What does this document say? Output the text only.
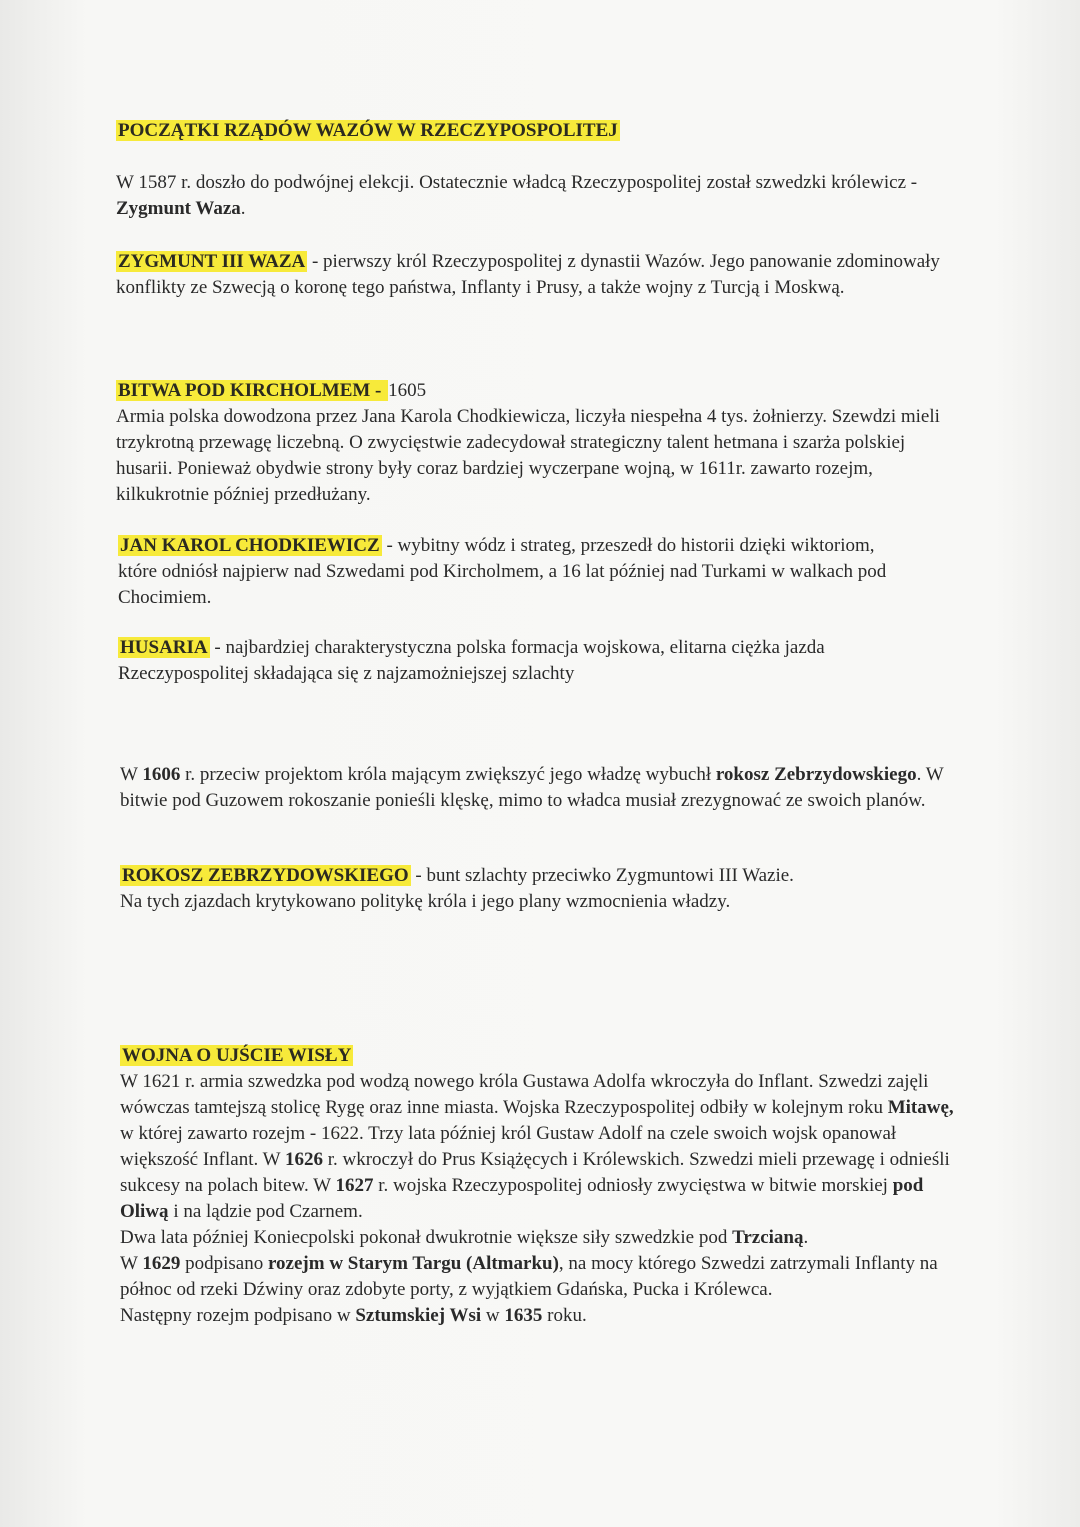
POCZĄTKI RZĄDÓW WAZÓW W RZECZYPOSPOLITEJ

W 1587 r. doszło do podwójnej elekcji. Ostatecznie władcą Rzeczypospolitej został szwedzki królewicz - Zygmunt Waza.

ZYGMUNT III WAZA - pierwszy król Rzeczypospolitej z dynastii Wazów. Jego panowanie zdominowały konflikty ze Szwecją o koronę tego państwa, Inflanty i Prusy, a także wojny z Turcją i Moskwą.

BITWA POD KIRCHOLMEM - 1605

Armia polska dowodzona przez Jana Karola Chodkiewicza, liczyła niespełna 4 tys. żołnierzy. Szewdzi mieli trzykrotną przewagę liczebną. O zwycięstwie zadecydował strategiczny talent hetmana i szarża polskiej husarii. Ponieważ obydwie strony były coraz bardziej wyczerpane wojną, w 1611r. zawarto rozejm, kilkukrotnie później przedłużany.

JAN KAROL CHODKIEWICZ - wybitny wódz i strateg, przeszedł do historii dzięki wiktoriom, które odniósł najpierw nad Szwedami pod Kircholmem, a 16 lat później nad Turkami w walkach pod Chocimiem.

HUSARIA - najbardziej charakterystyczna polska formacja wojskowa, elitarna ciężka jazda Rzeczypospolitej składająca się z najzamożniejszej szlachty

W 1606 r. przeciw projektom króla mającym zwiększyć jego władzę wybuchł rokosz Zebrzydowskiego. W bitwie pod Guzowem rokoszanie ponieśli klęskę, mimo to władca musiał zrezygnować ze swoich planów.

ROKOSZ ZEBRZYDOWSKIEGO - bunt szlachty przeciwko Zygmuntowi III Wazie.

Na tych zjazdach krytykowano politykę króla i jego plany wzmocnienia władzy.

WOJNA O UJŚCIE WISŁY

W 1621 r. armia szwedzka pod wodzą nowego króla Gustawa Adolfa wkroczyła do Inflant. Szwedzi zajęli wówczas tamtejszą stolicę Rygę oraz inne miasta. Wojska Rzeczypospolitej odbiły w kolejnym roku Mitawę, w której zawarto rozejm - 1622. Trzy lata później król Gustaw Adolf na czele swoich wojsk opanował większość Inflant. W 1626 r. wkroczył do Prus Książęcych i Królewskich. Szwedzi mieli przewagę i odnieśli sukcesy na polach bitew. W 1627 r. wojska Rzeczypospolitej odniosły zwycięstwa w bitwie morskiej pod Oliwą i na lądzie pod Czarnem.

Dwa lata później Koniecpolski pokonał dwukrotnie większe siły szwedzkie pod Trzcianą.

W 1629 podpisano rozejm w Starym Targu (Altmarku), na mocy którego Szwedzi zatrzymali Inflanty na północ od rzeki Dźwiny oraz zdobyte porty, z wyjątkiem Gdańska, Pucka i Królewca.

Następny rozejm podpisano w Sztumskiej Wsi w 1635 roku.
